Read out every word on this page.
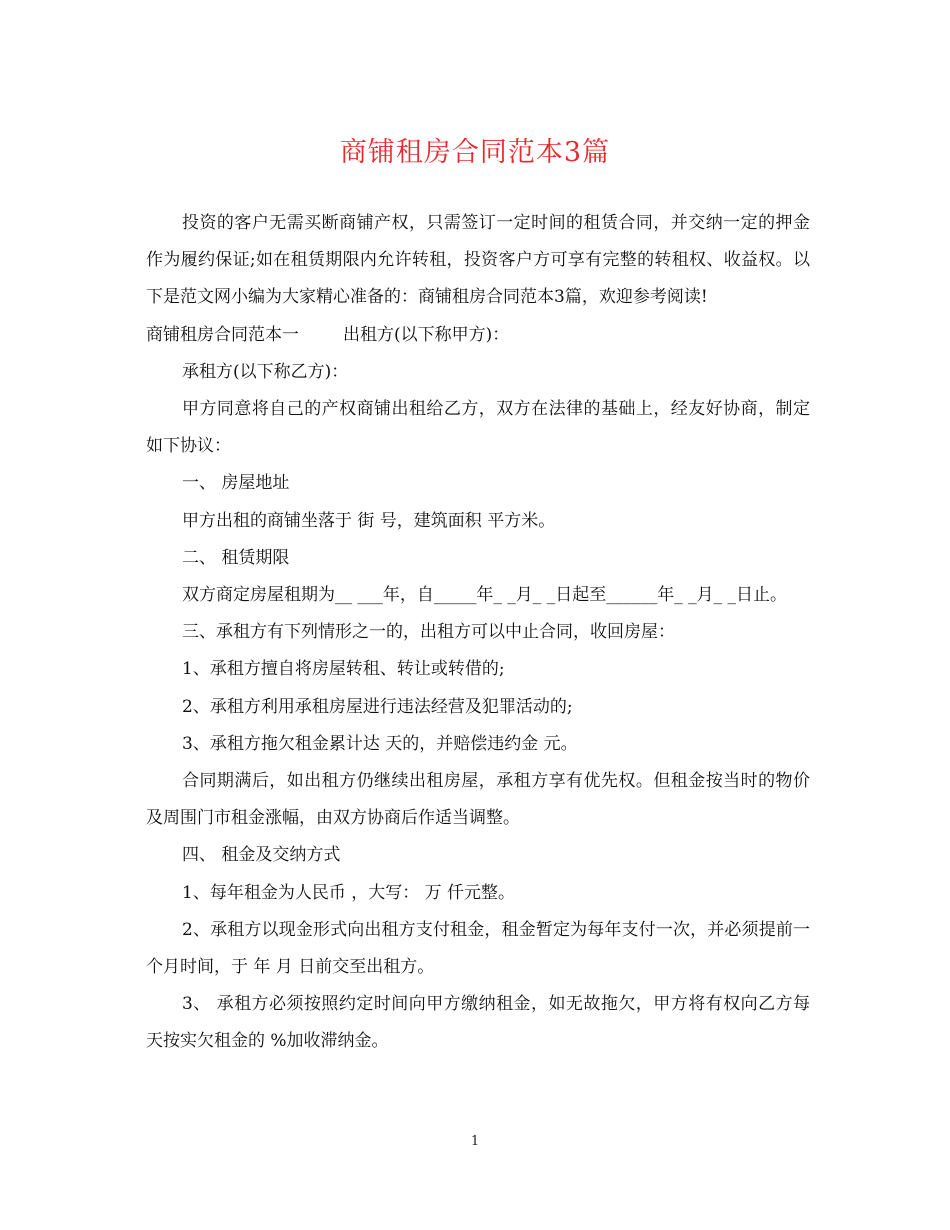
商铺租房合同范本3篇

投资的客户无需买断商铺产权，只需签订一定时间的租赁合同，并交纳一定的押金作为履约保证;如在租赁期限内允许转租，投资客户方可享有完整的转租权、收益权。以下是范文网小编为大家精心准备的：商铺租房合同范本3篇，欢迎参考阅读!

商铺租房合同范本一	出租方(以下称甲方)：

承租方(以下称乙方)：

甲方同意将自己的产权商铺出租给乙方，双方在法律的基础上，经友好协商，制定如下协议：

一、 房屋地址

甲方出租的商铺坐落于 街 号，建筑面积 平方米。

二、 租赁期限

双方商定房屋租期为__ ___年，自_____年_ _月_ _日起至______年_ _月_ _日止。

三、承租方有下列情形之一的，出租方可以中止合同，收回房屋：

1、承租方擅自将房屋转租、转让或转借的;

2、承租方利用承租房屋进行违法经营及犯罪活动的;

3、承租方拖欠租金累计达 天的，并赔偿违约金 元。

合同期满后，如出租方仍继续出租房屋，承租方享有优先权。但租金按当时的物价及周围门市租金涨幅，由双方协商后作适当调整。

四、 租金及交纳方式

1、每年租金为人民币 ，大写： 万 仟元整。

2、承租方以现金形式向出租方支付租金，租金暂定为每年支付一次，并必须提前一个月时间，于 年 月 日前交至出租方。

3、 承租方必须按照约定时间向甲方缴纳租金，如无故拖欠，甲方将有权向乙方每天按实欠租金的 %加收滞纳金。

1
